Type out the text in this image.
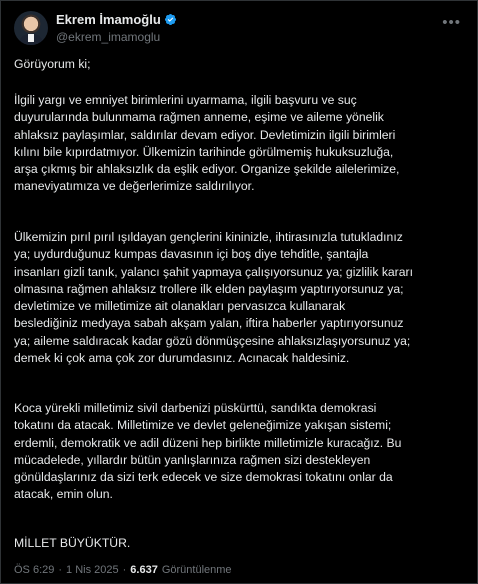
Ekrem İmamoğlu
@ekrem_imamoglu
•••
Görüyorum ki;
İlgili yargı ve emniyet birimlerini uyarmama, ilgili başvuru ve suç
duyurularında bulunmama rağmen anneme, eşime ve aileme yönelik
ahlaksız paylaşımlar, saldırılar devam ediyor. Devletimizin ilgili birimleri
kılını bile kıpırdatmıyor. Ülkemizin tarihinde görülmemiş hukuksuzluğa,
arşa çıkmış bir ahlaksızlık da eşlik ediyor. Organize şekilde ailelerimize,
maneviyatımıza ve değerlerimize saldırılıyor.
Ülkemizin pırıl pırıl ışıldayan gençlerini kininizle, ihtirasınızla tutukladınız
ya; uydurduğunuz kumpas davasının içi boş diye tehditle, şantajla
insanları gizli tanık, yalancı şahit yapmaya çalışıyorsunuz ya; gizlilik kararı
olmasına rağmen ahlaksız trollere ilk elden paylaşım yaptırıyorsunuz ya;
devletimize ve milletimize ait olanakları pervasızca kullanarak
beslediğiniz medyaya sabah akşam yalan, iftira haberler yaptırıyorsunuz
ya; aileme saldıracak kadar gözü dönmüşçesine ahlaksızlaşıyorsunuz ya;
demek ki çok ama çok zor durumdasınız. Acınacak haldesiniz.
Koca yürekli milletimiz sivil darbenizi püskürttü, sandıkta demokrasi
tokatını da atacak. Milletimize ve devlet geleneğimize yakışan sistemi;
erdemli, demokratik ve adil düzeni hep birlikte milletimizle kuracağız. Bu
mücadelede, yıllardır bütün yanlışlarınıza rağmen sizi destekleyen
gönüldaşlarınız da sizi terk edecek ve size demokrasi tokatını onlar da
atacak, emin olun.
MİLLET BÜYÜKTÜR.
ÖS 6:29 · 1 Nis 2025 · 6.637 Görüntülenme
